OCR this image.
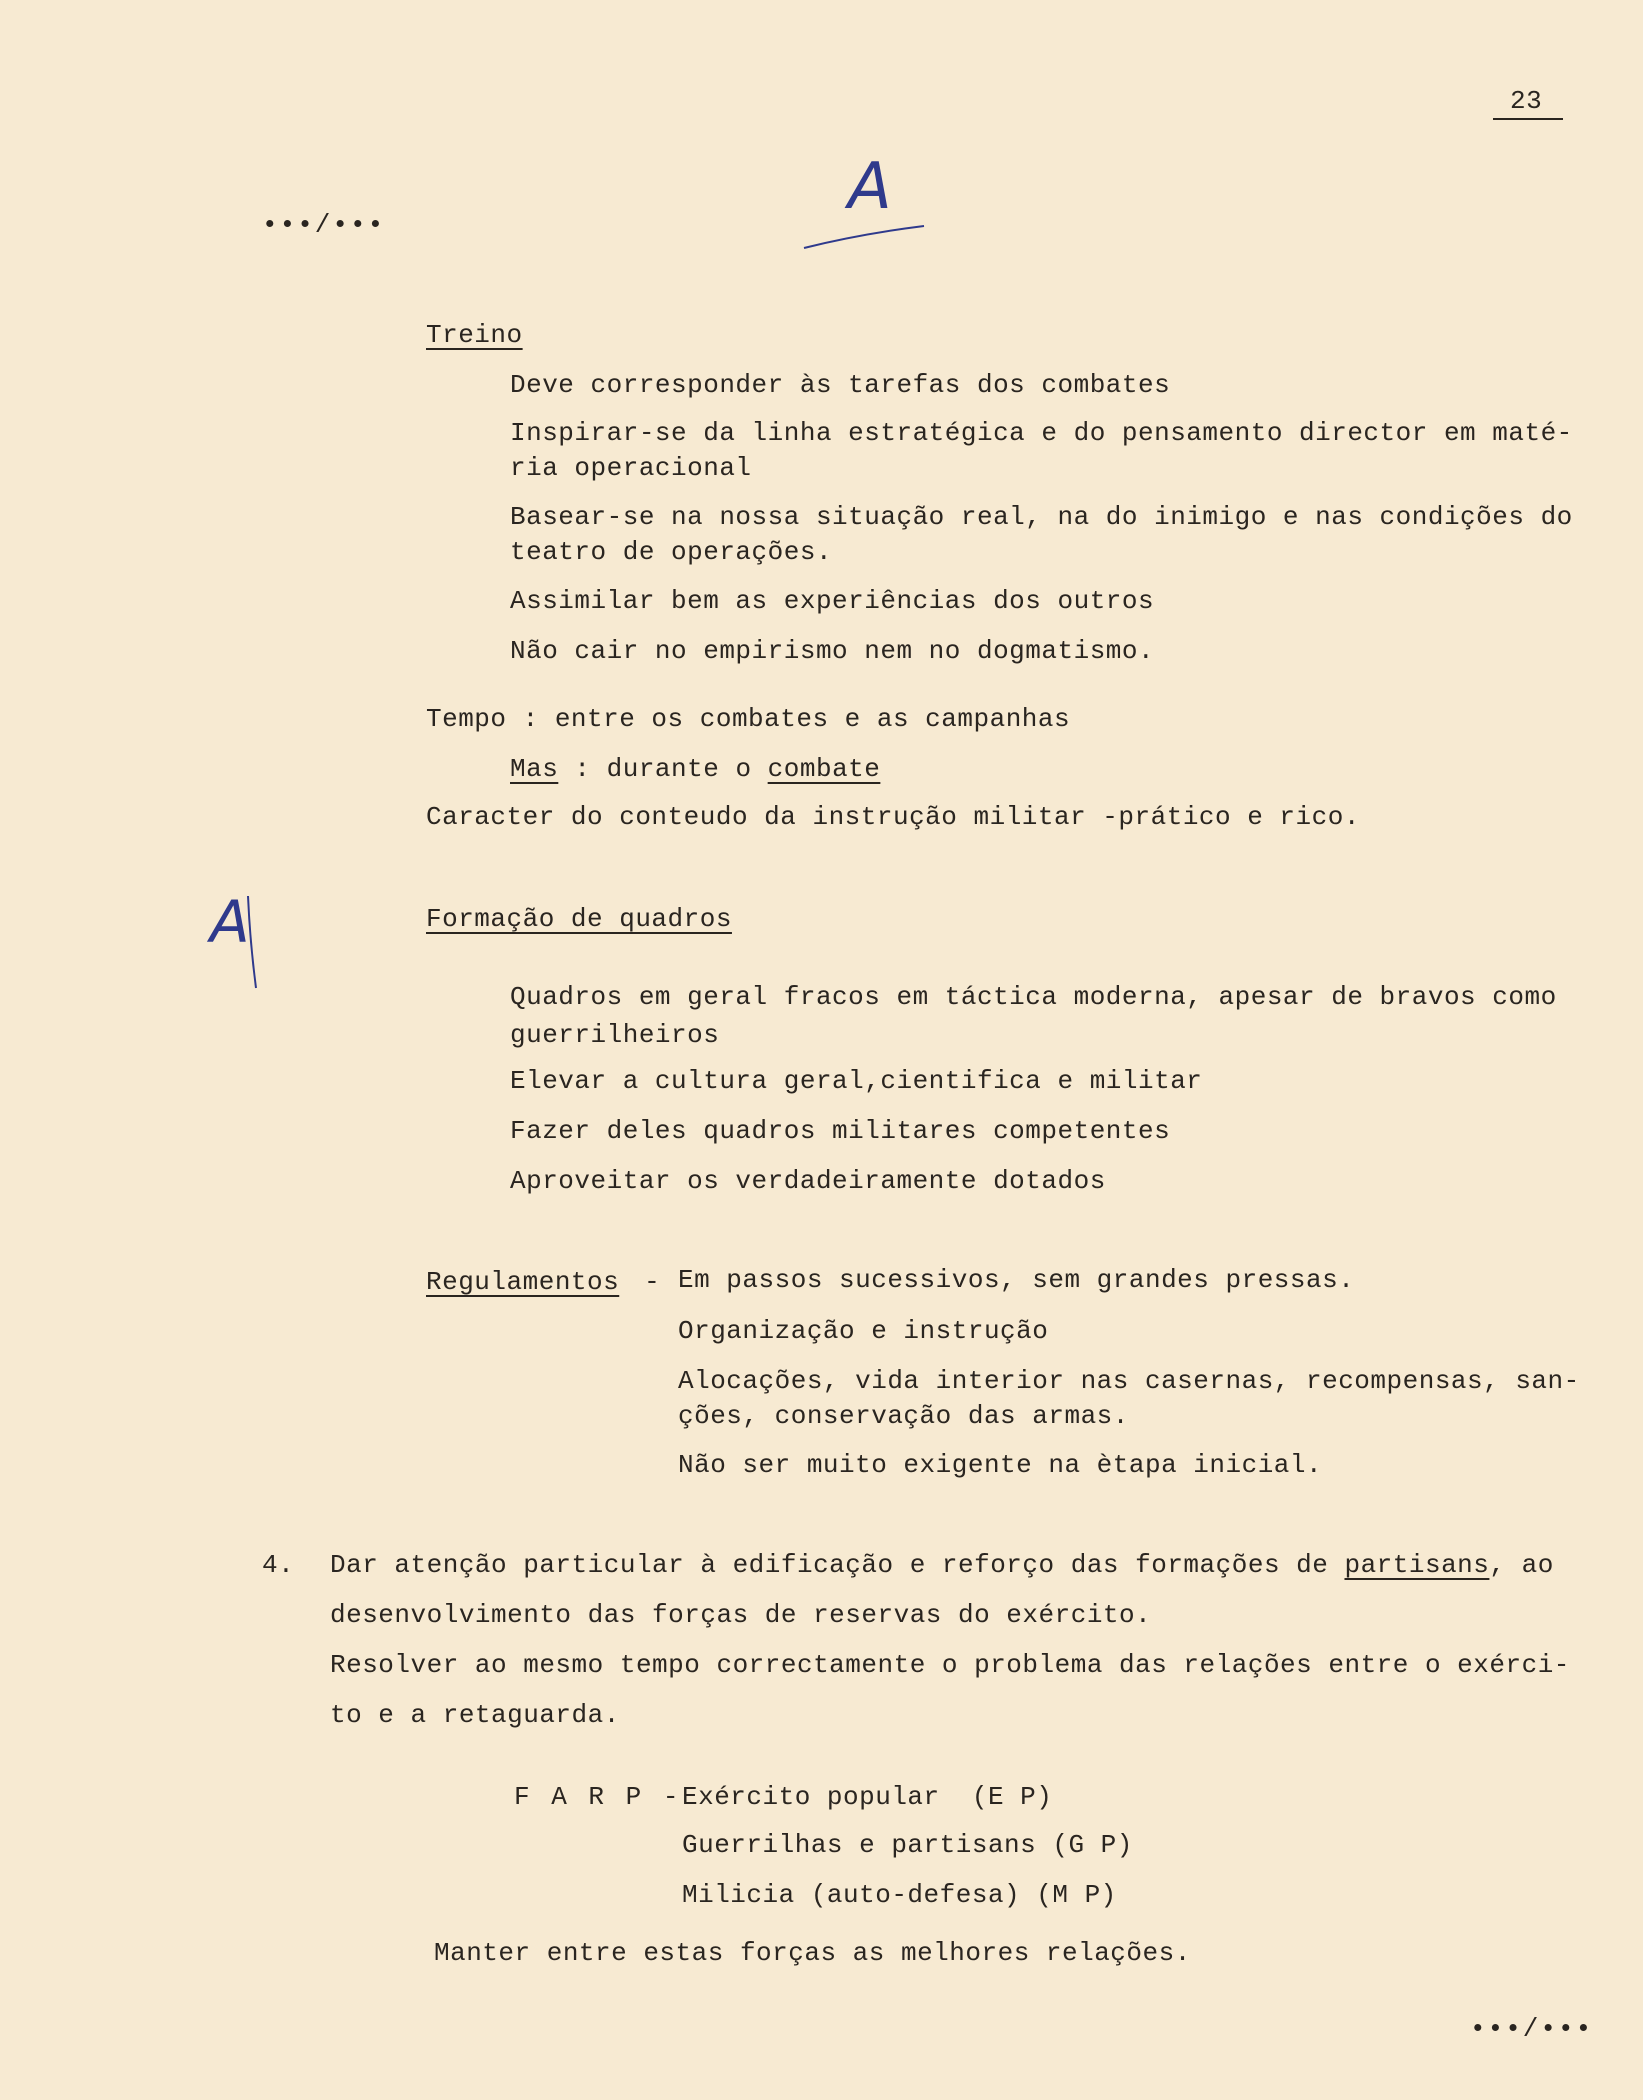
23
•••/•••
A
Treino
Deve corresponder às tarefas dos combates
Inspirar-se da linha estratégica e do pensamento director em maté-
ria operacional
Basear-se na nossa situação real, na do inimigo e nas condições do
teatro de operações.
Assimilar bem as experiências dos outros
Não cair no empirismo nem no dogmatismo.
Tempo : entre os combates e as campanhas
Mas : durante o combate
Caracter do conteudo da instrução militar -prático e rico.
A	Formação de quadros
Quadros em geral fracos em táctica moderna, apesar de bravos como
guerrilheiros
Elevar a cultura geral,cientifica e militar
Fazer deles quadros militares competentes
Aproveitar os verdadeiramente dotados
Regulamentos - Em passos sucessivos, sem grandes pressas.
Organização e instrução
Alocações, vida interior nas casernas, recompensas, san-
ções, conservação das armas.
Não ser muito exigente na ètapa inicial.
4. Dar atenção particular à edificação e reforço das formações de partisans, ao
desenvolvimento das forças de reservas do exército.
Resolver ao mesmo tempo correctamente o problema das relações entre o exérci-
to e a retaguarda.
F A R P - Exército popular  (E P)
Guerrilhas e partisans (G P)
Milicia (auto-defesa) (M P)
Manter entre estas forças as melhores relações.
•••/•••
